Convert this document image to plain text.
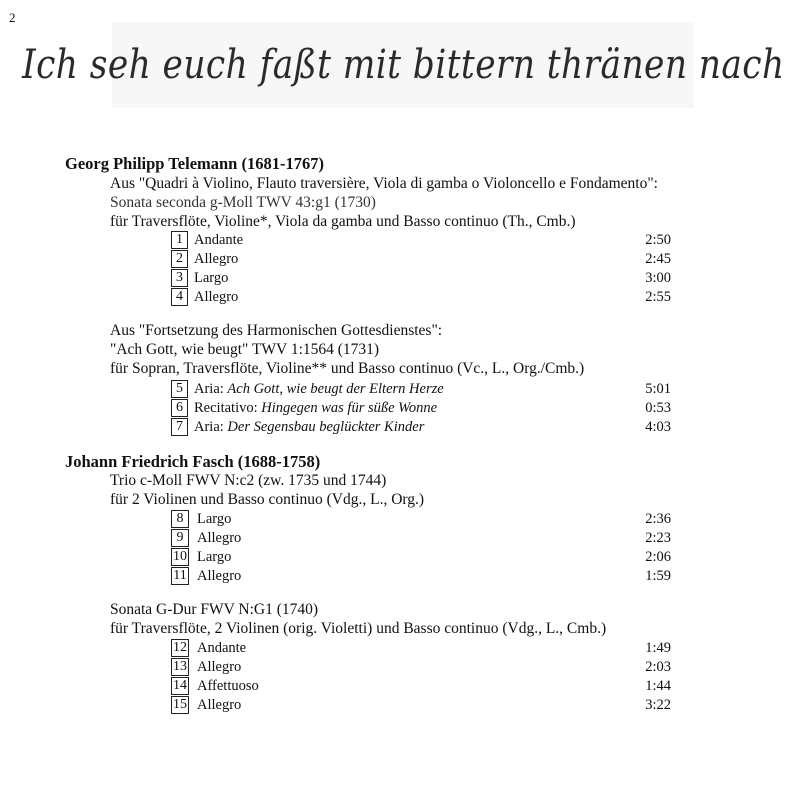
2
Ich seh euch faßt mit bittern thränen nach
Georg Philipp Telemann (1681-1767)
Aus "Quadri à Violino, Flauto traversière, Viola di gamba o Violoncello e Fondamento":
Sonata seconda g-Moll TWV 43:g1 (1730)
für Traversflöte, Violine*, Viola da gamba und Basso continuo (Th., Cmb.)
1 Andante	2:50
2 Allegro	2:45
3 Largo	3:00
4 Allegro	2:55
Aus "Fortsetzung des Harmonischen Gottesdienstes":
"Ach Gott, wie beugt" TWV 1:1564 (1731)
für Sopran, Traversflöte, Violine** und Basso continuo (Vc., L., Org./Cmb.)
5 Aria: Ach Gott, wie beugt der Eltern Herze	5:01
6 Recitativo: Hingegen was für süße Wonne	0:53
7 Aria: Der Segensbau beglückter Kinder	4:03
Johann Friedrich Fasch (1688-1758)
Trio c-Moll FWV N:c2 (zw. 1735 und 1744)
für 2 Violinen und Basso continuo (Vdg., L., Org.)
8 Largo	2:36
9 Allegro	2:23
10 Largo	2:06
11 Allegro	1:59
Sonata G-Dur FWV N:G1 (1740)
für Traversflöte, 2 Violinen (orig. Violetti) und Basso continuo (Vdg., L., Cmb.)
12 Andante	1:49
13 Allegro	2:03
14 Affettuoso	1:44
15 Allegro	3:22
